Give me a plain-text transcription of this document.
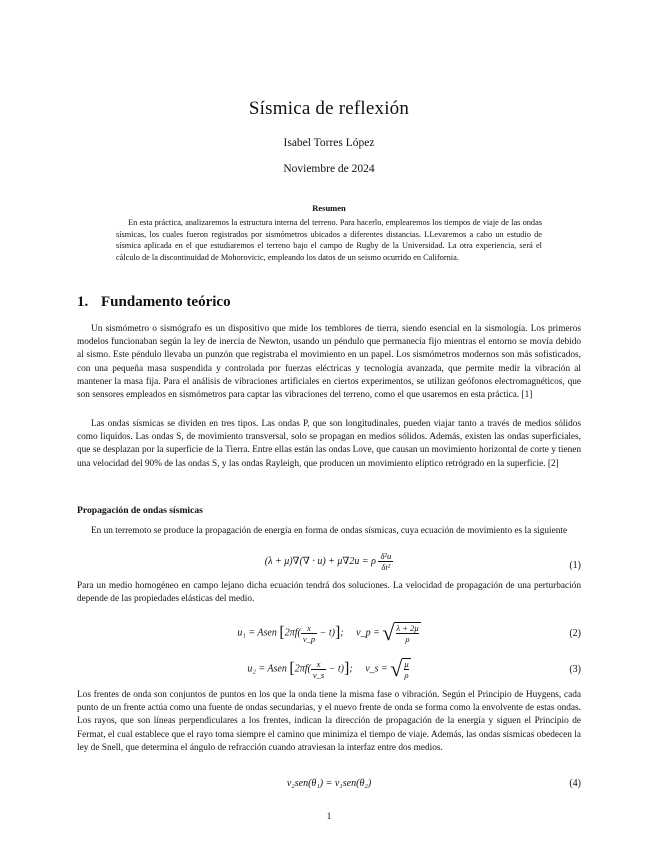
Sísmica de reflexión
Isabel Torres López
Noviembre de 2024
Resumen

En esta práctica, analizaremos la estructura interna del terreno. Para hacerlo, emplearemos los tiempos de viaje de las ondas sísmicas, los cuales fueron registrados por sismómetros ubicados a diferentes distancias. LLevaremos a cabo un estudio de sísmica aplicada en el que estudiaremos el terreno bajo el campo de Rugby de la Universidad. La otra experiencia, será el cálculo de la discontinuidad de Mohorovicic, empleando los datos de un seismo ocurrido en California.

1. Fundamento teórico

Un sismómetro o sismógrafo es un dispositivo que mide los temblores de tierra, siendo esencial en la sismología. Los primeros modelos funcionaban según la ley de inercia de Newton, usando un péndulo que permanecía fijo mientras el entorno se movía debido al sismo. Este péndulo llevaba un punzón que registraba el movimiento en un papel. Los sismómetros modernos son más sofisticados, con una pequeña masa suspendida y controlada por fuerzas eléctricas y tecnología avanzada, que permite medir la vibración al mantener la masa fija. Para el análisis de vibraciones artificiales en ciertos experimentos, se utilizan geófonos electromagnéticos, que son sensores empleados en sismómetros para captar las vibraciones del terreno, como el que usaremos en esta práctica. [1]

Las ondas sísmicas se dividen en tres tipos. Las ondas P, que son longitudinales, pueden viajar tanto a través de medios sólidos como líquidos. Las ondas S, de movimiento transversal, solo se propagan en medios sólidos. Además, existen las ondas superficiales, que se desplazan por la superficie de la Tierra. Entre ellas están las ondas Love, que causan un movimiento horizontal de corte y tienen una velocidad del 90% de las ondas S, y las ondas Rayleigh, que producen un movimiento elíptico retrógrado en la superficie. [2]

Propagación de ondas sísmicas

En un terremoto se produce la propagación de energía en forma de ondas sísmicas, cuya ecuación de movimiento es la siguiente

(λ + μ)∇(∇ · u) + μ∇2u = ρ $\frac{\text{δ²u}}{\text{δt²}}$	(1)

Para un medio homogéneo en campo lejano dicha ecuación tendrá dos soluciones. La velocidad de propagación de una perturbación depende de las propiedades elásticas del medio.

u₁ = Asen $[2\pi f( \frac{x}{v\_p} - t)]$; v_p = √ $\frac{\lambda + 2\mu}{\rho}$	(2)
u₂ = Asen $[2\pi f( \frac{x}{v\_s} - t)]$; v_s = √ $\frac{\mu}{\rho}$	(3)

Los frentes de onda son conjuntos de puntos en los que la onda tiene la misma fase o vibración. Según el Principio de Huygens, cada punto de un frente actúa como una fuente de ondas secundarias, y el nuevo frente de onda se forma como la envolvente de estas ondas. Los rayos, que son líneas perpendiculares a los frentes, indican la dirección de propagación de la energía y siguen el Principio de Fermat, el cual establece que el rayo toma siempre el camino que minimiza el tiempo de viaje. Además, las ondas sísmicas obedecen la ley de Snell, que determina el ángulo de refracción cuando atraviesan la interfaz entre dos medios.

v₂sen(θ₁) = v₁sen(θ₂)	(4)
1
